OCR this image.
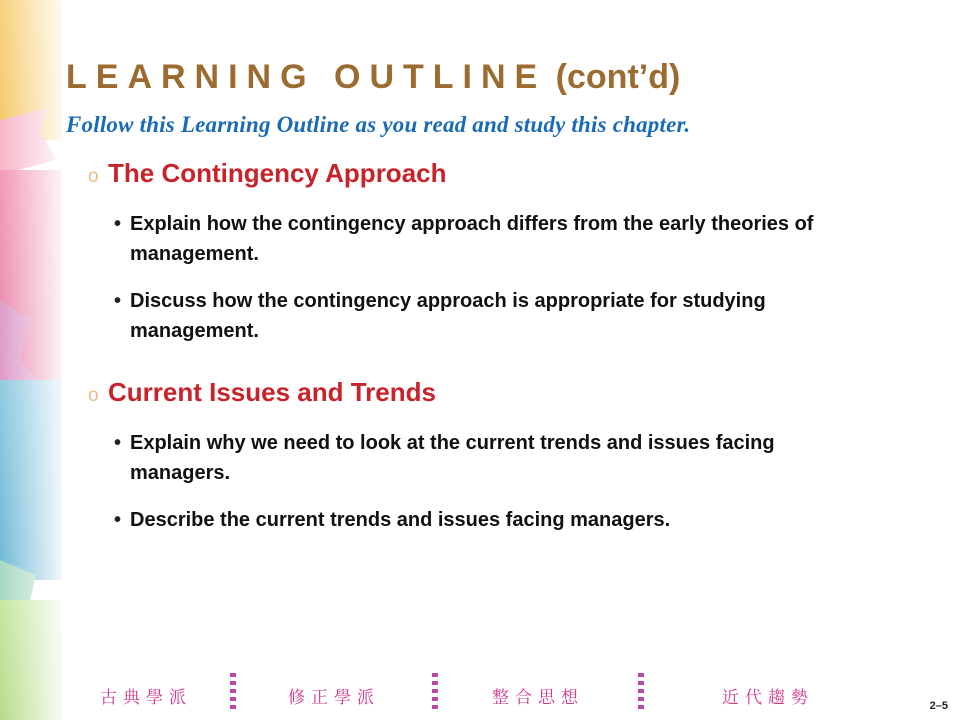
LEARNING OUTLINE (cont’d)
Follow this Learning Outline as you read and study this chapter.
o The Contingency Approach
• Explain how the contingency approach differs from the early theories of management.
• Discuss how the contingency approach is appropriate for studying management.
o Current Issues and Trends
• Explain why we need to look at the current trends and issues facing managers.
• Describe the current trends and issues facing managers.
古典學派	修正學派	整合思想	近代趨勢	2–5
